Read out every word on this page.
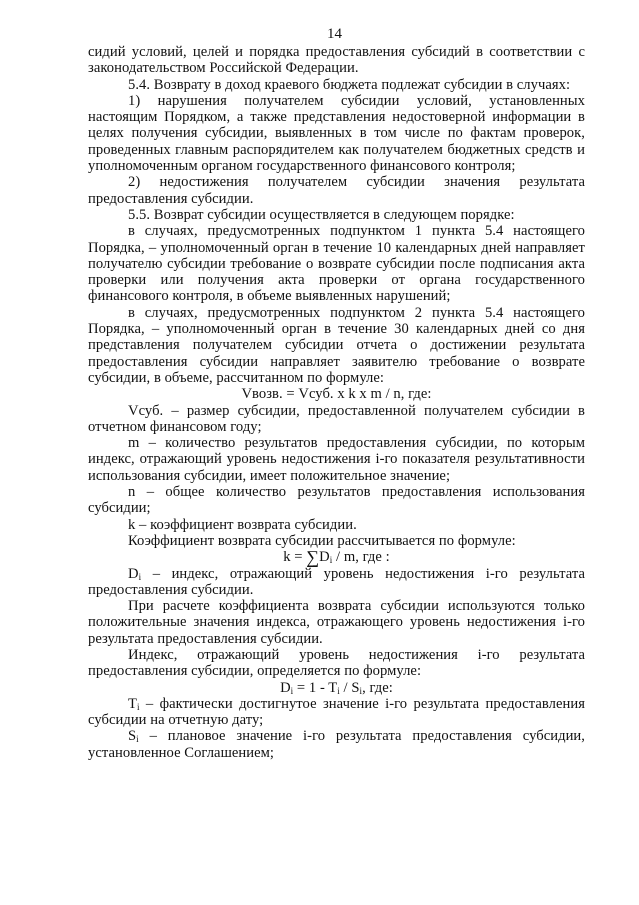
14

сидий условий, целей и порядка предоставления субсидий в соответствии с законодательством Российской Федерации.

5.4. Возврату в доход краевого бюджета подлежат субсидии в случаях:

1) нарушения получателем субсидии условий, установленных настоящим Порядком, а также представления недостоверной информации в целях получения субсидии, выявленных в том числе по фактам проверок, проведенных главным распорядителем как получателем бюджетных средств и уполномоченным органом государственного финансового контроля;

2) недостижения получателем субсидии значения результата предоставления субсидии.

5.5. Возврат субсидии осуществляется в следующем порядке:

в случаях, предусмотренных подпунктом 1 пункта 5.4 настоящего Порядка, – уполномоченный орган в течение 10 календарных дней направляет получателю субсидии требование о возврате субсидии после подписания акта проверки или получения акта проверки от органа государственного финансового контроля, в объеме выявленных нарушений;

в случаях, предусмотренных подпунктом 2 пункта 5.4 настоящего Порядка, – уполномоченный орган в течение 30 календарных дней со дня представления получателем субсидии отчета о достижении результата предоставления субсидии направляет заявителю требование о возврате субсидии, в объеме, рассчитанном по формуле:

Vвозв. = Vсуб. x k x m / n, где:

Vсуб. – размер субсидии, предоставленной получателем субсидии в отчетном финансовом году;

m – количество результатов предоставления субсидии, по которым индекс, отражающий уровень недостижения i-го показателя результативности использования субсидии, имеет положительное значение;

n – общее количество результатов предоставления использования субсидии;

k – коэффициент возврата субсидии.

Коэффициент возврата субсидии рассчитывается по формуле:

$k = \sum D_i / m$, где :

$D_i$ – индекс, отражающий уровень недостижения i-го результата предоставления субсидии.

При расчете коэффициента возврата субсидии используются только положительные значения индекса, отражающего уровень недостижения i-го результата предоставления субсидии.

Индекс, отражающий уровень недостижения i-го результата предоставления субсидии, определяется по формуле:

$D_i = 1 - T_i / S_i$, где:

$T_i$ – фактически достигнутое значение i-го результата предоставления субсидии на отчетную дату;

$S_i$ – плановое значение i-го результата предоставления субсидии, установленное Соглашением;
